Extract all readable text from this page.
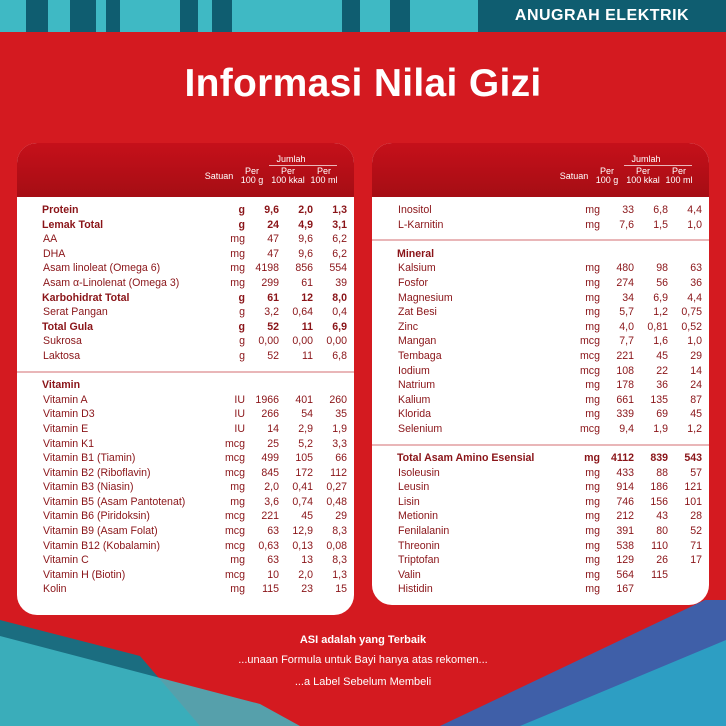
ANUGRAH ELEKTRIK
Informasi Nilai Gizi
Satuan
Jumlah
Per
100 g
Per
100 kkal
Per
100 ml
Protein	g	9,6	2,0	1,3
Lemak Total	g	24	4,9	3,1
AA	mg	47	9,6	6,2
DHA	mg	47	9,6	6,2
Asam linoleat (Omega 6)	mg 4198	856	554
Asam α-Linolenat (Omega 3)	mg	299	61	39
Karbohidrat Total	g	61	12	8,0
Serat Pangan	g	3,2	0,64	0,4
Total Gula	g	52	11	6,9
Sukrosa	g	0,00	0,00	0,00
Laktosa	g	52	11	6,8
Vitamin
Vitamin A	IU 1966	401	260
Vitamin D3	IU	266	54	35
Vitamin E	IU	14	2,9	1,9
Vitamin K1	mcg	25	5,2	3,3
Vitamin B1 (Tiamin)	mcg	499	105	66
Vitamin B2 (Riboflavin)	mcg	845	172	112
Vitamin B3 (Niasin)	mg	2,0	0,41	0,27
Vitamin B5 (Asam Pantotenat)	mg	3,6	0,74	0,48
Vitamin B6 (Piridoksin)	mcg	221	45	29
Vitamin B9 (Asam Folat)	mcg	63	12,9	8,3
Vitamin B12 (Kobalamin)	mcg	0,63	0,13	0,08
Vitamin C	mg	63	13	8,3
Vitamin H (Biotin)	mcg	10	2,0	1,3
Kolin	mg	115	23	15
Satuan
Jumlah
Per
100 g
Per
100 kkal
Per
100 ml
Inositol	mg	33	6,8	4,4
L-Karnitin	mg	7,6	1,5	1,0
Mineral
Kalsium	mg	480	98	63
Fosfor	mg	274	56	36
Magnesium	mg	34	6,9	4,4
Zat Besi	mg	5,7	1,2	0,75
Zinc	mg	4,0	0,81	0,52
Mangan	mcg	7,7	1,6	1,0
Tembaga	mcg	221	45	29
Iodium	mcg	108	22	14
Natrium	mg	178	36	24
Kalium	mg	661	135	87
Klorida	mg	339	69	45
Selenium	mcg	9,4	1,9	1,2
Total Asam Amino Esensial	mg	4112	839	543
Isoleusin	mg	433	88	57
Leusin	mg	914	186	121
Lisin	mg	746	156	101
Metionin	mg	212	43	28
Fenilalanin	mg	391	80	52
Threonin	mg	538	110	71
Triptofan	mg	129	26	17
Valin	mg	564	115
Histidin	mg	167
ASI adalah yang Terbaik
...unaan Formula untuk Bayi hanya atas rekomen...
...a Label Sebelum Membeli
